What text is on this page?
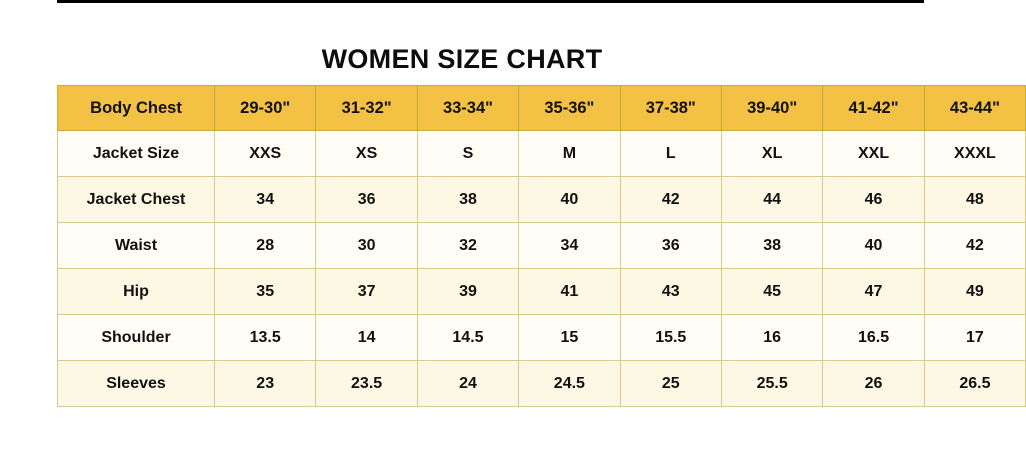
WOMEN SIZE CHART
Body Chest	29-30"	31-32"	33-34"	35-36"	37-38"	39-40"	41-42"	43-44"
Jacket Size	XXS	XS	S	M	L	XL	XXL	XXXL
Jacket Chest	34	36	38	40	42	44	46	48
Waist	28	30	32	34	36	38	40	42
Hip	35	37	39	41	43	45	47	49
Shoulder	13.5	14	14.5	15	15.5	16	16.5	17
Sleeves	23	23.5	24	24.5	25	25.5	26	26.5
